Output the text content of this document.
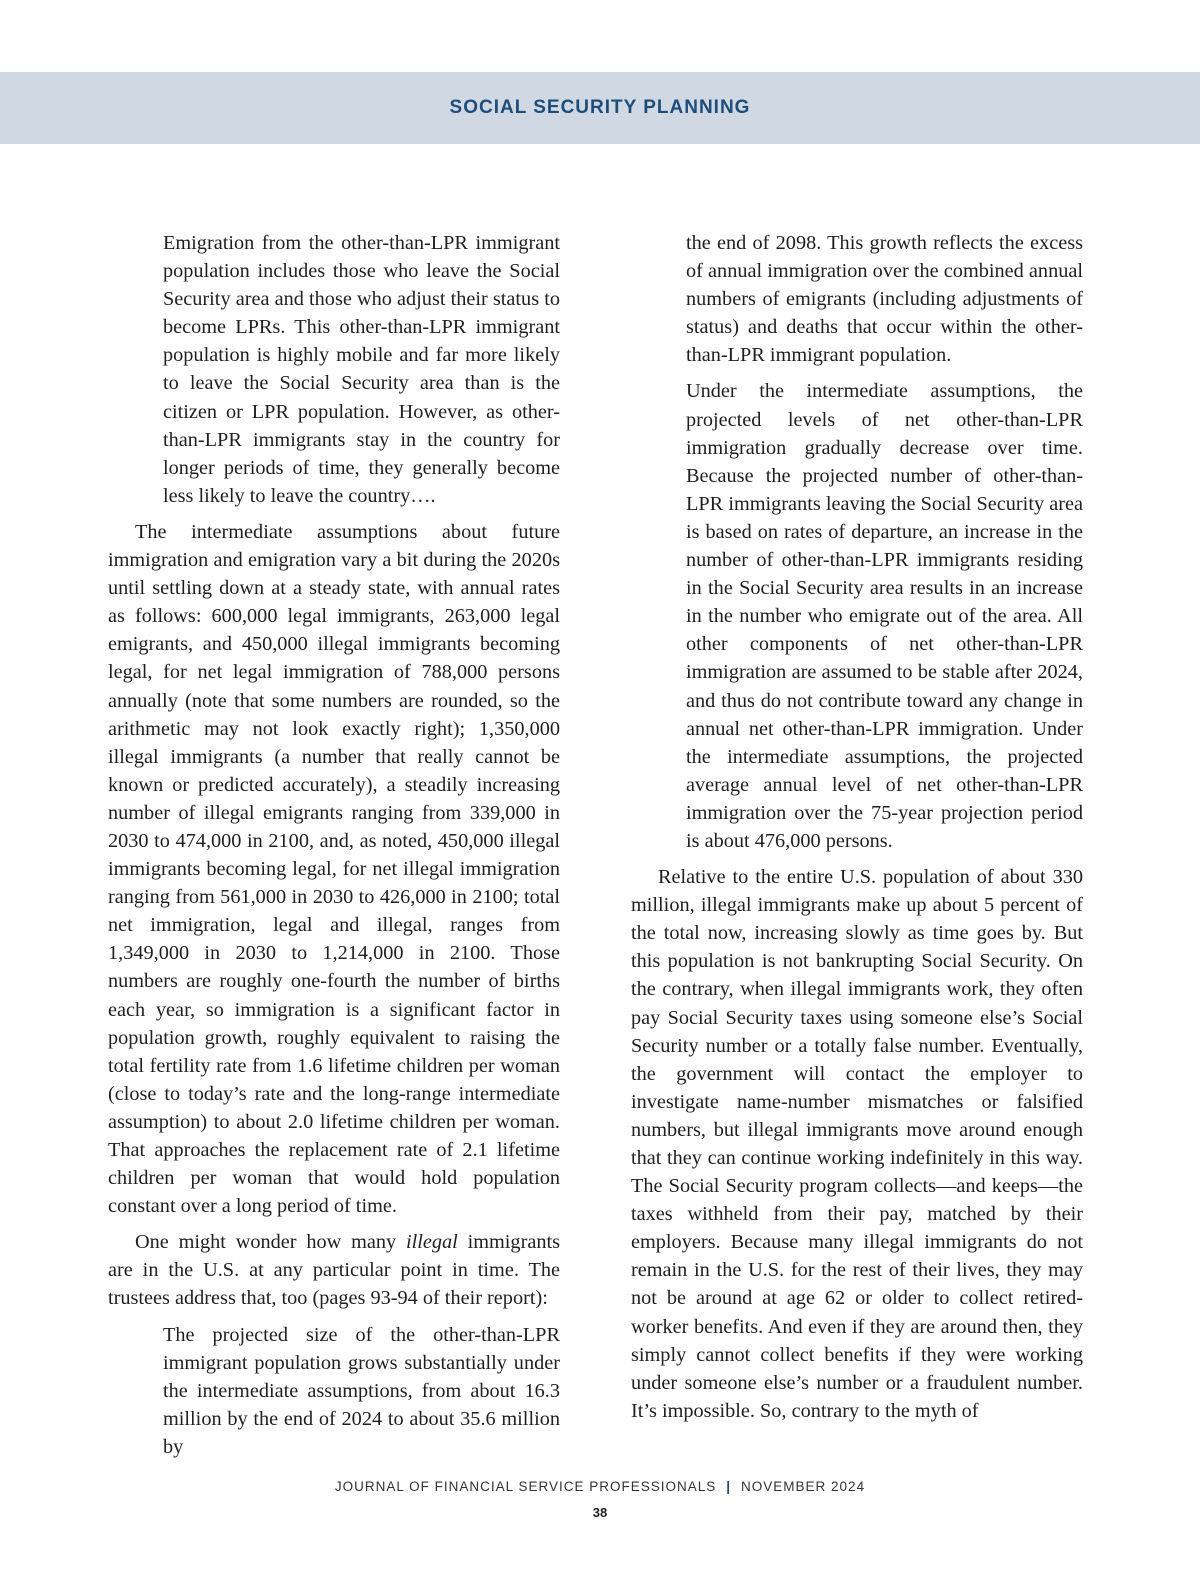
SOCIAL SECURITY PLANNING

Emigration from the other-than-LPR immigrant population includes those who leave the Social Security area and those who adjust their status to become LPRs. This other-than-LPR immigrant population is highly mobile and far more likely to leave the Social Security area than is the citizen or LPR population. However, as other-than-LPR immigrants stay in the country for longer periods of time, they generally become less likely to leave the country….

The intermediate assumptions about future immigration and emigration vary a bit during the 2020s until settling down at a steady state, with annual rates as follows: 600,000 legal immigrants, 263,000 legal emigrants, and 450,000 illegal immigrants becoming legal, for net legal immigration of 788,000 persons annually (note that some numbers are rounded, so the arithmetic may not look exactly right); 1,350,000 illegal immigrants (a number that really cannot be known or predicted accurately), a steadily increasing number of illegal emigrants ranging from 339,000 in 2030 to 474,000 in 2100, and, as noted, 450,000 illegal immigrants becoming legal, for net illegal immigration ranging from 561,000 in 2030 to 426,000 in 2100; total net immigration, legal and illegal, ranges from 1,349,000 in 2030 to 1,214,000 in 2100. Those numbers are roughly one-fourth the number of births each year, so immigration is a significant factor in population growth, roughly equivalent to raising the total fertility rate from 1.6 lifetime children per woman (close to today’s rate and the long-range intermediate assumption) to about 2.0 lifetime children per woman. That approaches the replacement rate of 2.1 lifetime children per woman that would hold population constant over a long period of time.

One might wonder how many illegal immigrants are in the U.S. at any particular point in time. The trustees address that, too (pages 93-94 of their report):

The projected size of the other-than-LPR immigrant population grows substantially under the intermediate assumptions, from about 16.3 million by the end of 2024 to about 35.6 million by

the end of 2098. This growth reflects the excess of annual immigration over the combined annual numbers of emigrants (including adjustments of status) and deaths that occur within the other-than-LPR immigrant population.

Under the intermediate assumptions, the projected levels of net other-than-LPR immigration gradually decrease over time. Because the projected number of other-than-LPR immigrants leaving the Social Security area is based on rates of departure, an increase in the number of other-than-LPR immigrants residing in the Social Security area results in an increase in the number who emigrate out of the area. All other components of net other-than-LPR immigration are assumed to be stable after 2024, and thus do not contribute toward any change in annual net other-than-LPR immigration. Under the intermediate assumptions, the projected average annual level of net other-than-LPR immigration over the 75-year projection period is about 476,000 persons.

Relative to the entire U.S. population of about 330 million, illegal immigrants make up about 5 percent of the total now, increasing slowly as time goes by. But this population is not bankrupting Social Security. On the contrary, when illegal immigrants work, they often pay Social Security taxes using someone else’s Social Security number or a totally false number. Eventually, the government will contact the employer to investigate name-number mismatches or falsified numbers, but illegal immigrants move around enough that they can continue working indefinitely in this way. The Social Security program collects—and keeps—the taxes withheld from their pay, matched by their employers. Because many illegal immigrants do not remain in the U.S. for the rest of their lives, they may not be around at age 62 or older to collect retired-worker benefits. And even if they are around then, they simply cannot collect benefits if they were working under someone else’s number or a fraudulent number. It’s impossible. So, contrary to the myth of

JOURNAL OF FINANCIAL SERVICE PROFESSIONALS | NOVEMBER 2024
38
